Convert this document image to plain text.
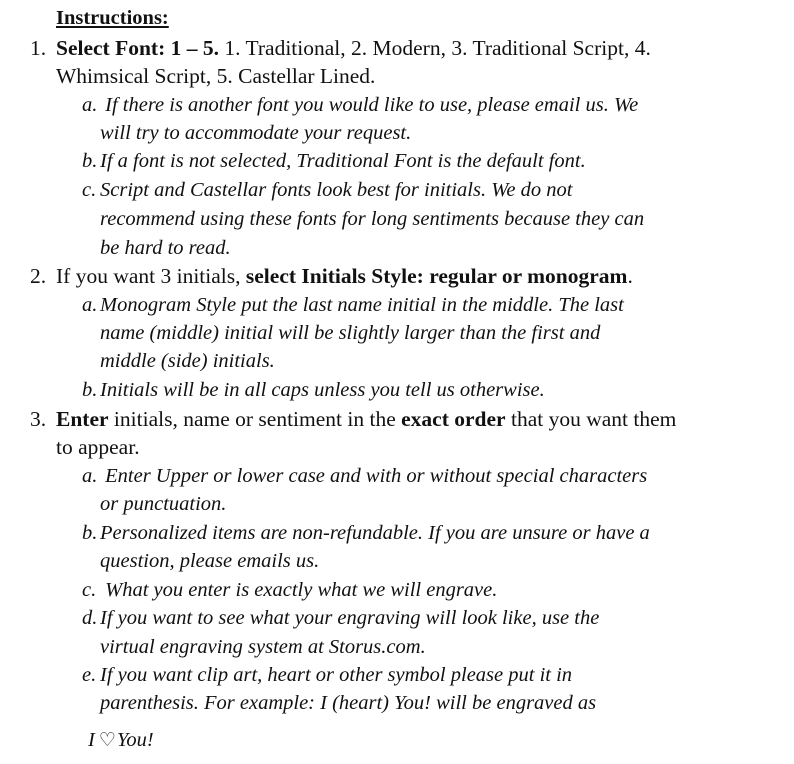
Instructions:
1. Select Font: 1 – 5. 1. Traditional, 2. Modern, 3. Traditional Script, 4.
Whimsical Script, 5. Castellar Lined.
a. If there is another font you would like to use, please email us. We
will try to accommodate your request.
b. If a font is not selected, Traditional Font is the default font.
c. Script and Castellar fonts look best for initials. We do not
recommend using these fonts for long sentiments because they can
be hard to read.
2. If you want 3 initials, select Initials Style: regular or monogram.
a. Monogram Style put the last name initial in the middle. The last
name (middle) initial will be slightly larger than the first and
middle (side) initials.
b. Initials will be in all caps unless you tell us otherwise.
3. Enter initials, name or sentiment in the exact order that you want them
to appear.
a. Enter Upper or lower case and with or without special characters
or punctuation.
b. Personalized items are non-refundable. If you are unsure or have a
question, please emails us.
c. What you enter is exactly what we will engrave.
d. If you want to see what your engraving will look like, use the
virtual engraving system at Storus.com.
e. If you want clip art, heart or other symbol please put it in
parenthesis. For example: I (heart) You! will be engraved as
I ♡You!
